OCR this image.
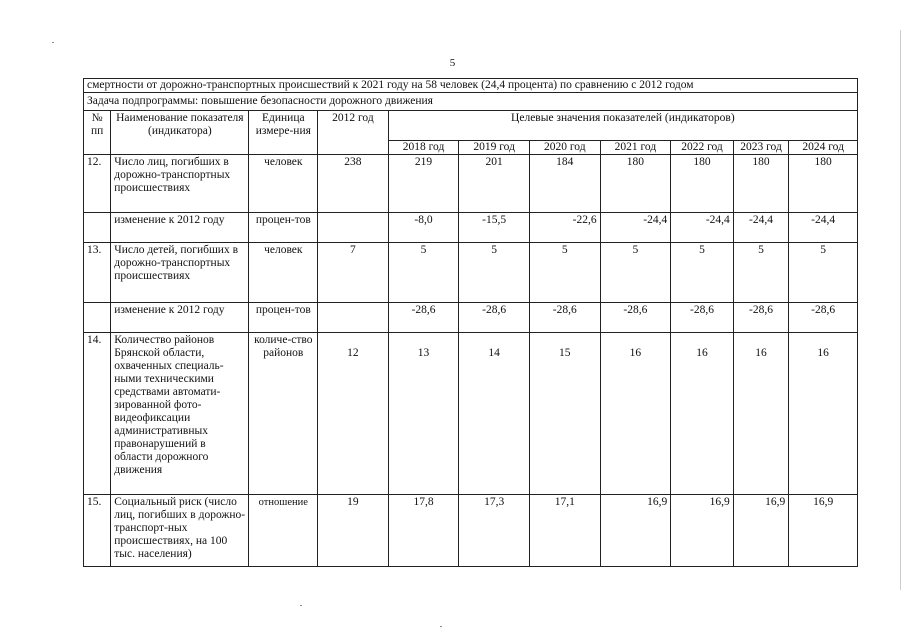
5
смертности от дорожно-транспортных происшествий к 2021 году на 58 человек (24,4 процента) по сравнению с 2012 годом										
Задача подпрограммы: повышение безопасности дорожного движения										
№ пп	Наименование показателя (индикатора)	Единица измере-ния	2012 год	Целевые значения показателей (индикаторов)						
				2018 год	2019 год	2020 год	2021 год	2022 год	2023 год	2024 год
12.	Число лиц, погибших в дорожно-транспортных происшествиях	человек	238	219	201	184	180	180	180	180
	изменение к 2012 году	процен-тов		-8,0	-15,5	-22,6	-24,4	-24,4	-24,4	-24,4
13.	Число детей, погибших в дорожно-транспортных происшествиях	человек	7	5	5	5	5	5	5	5
	изменение к 2012 году	процен-тов		-28,6	-28,6	-28,6	-28,6	-28,6	-28,6	-28,6
14.	Количество районов Брянской области, охваченных специаль-ными техническими средствами автомати-зированной фото-видеофиксации административных правонарушений в области дорожного движения	количе-ство районов	12	13	14	15	16	16	16	16
15.	Социальный риск (число лиц, погибших в дорожно-транспорт-ных происшествиях, на 100 тыс. населения)	отношение	19	17,8	17,3	17,1	16,9	16,9	16,9	16,9
